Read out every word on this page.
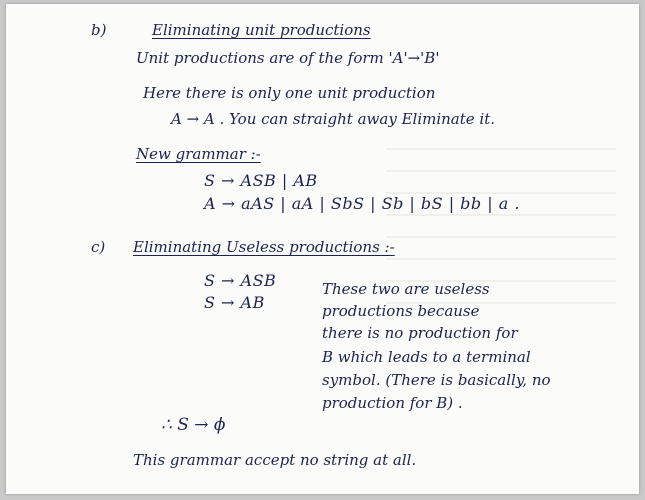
b)	Eliminating unit productions
Unit productions are of the form 'A'→'B'
Here there is only one unit production
A → A . You can straight away Eliminate it.
New grammar :-
S → ASB | AB
A → aAS | aA | SbS | Sb | bS | bb | a .
c) Eliminating Useless productions :-
S → ASB
S → AB
These two are useless
productions because
there is no production for
B which leads to a terminal
symbol. (There is basically, no
production for B) .
∴ S → ϕ
This grammar accept no string at all.
